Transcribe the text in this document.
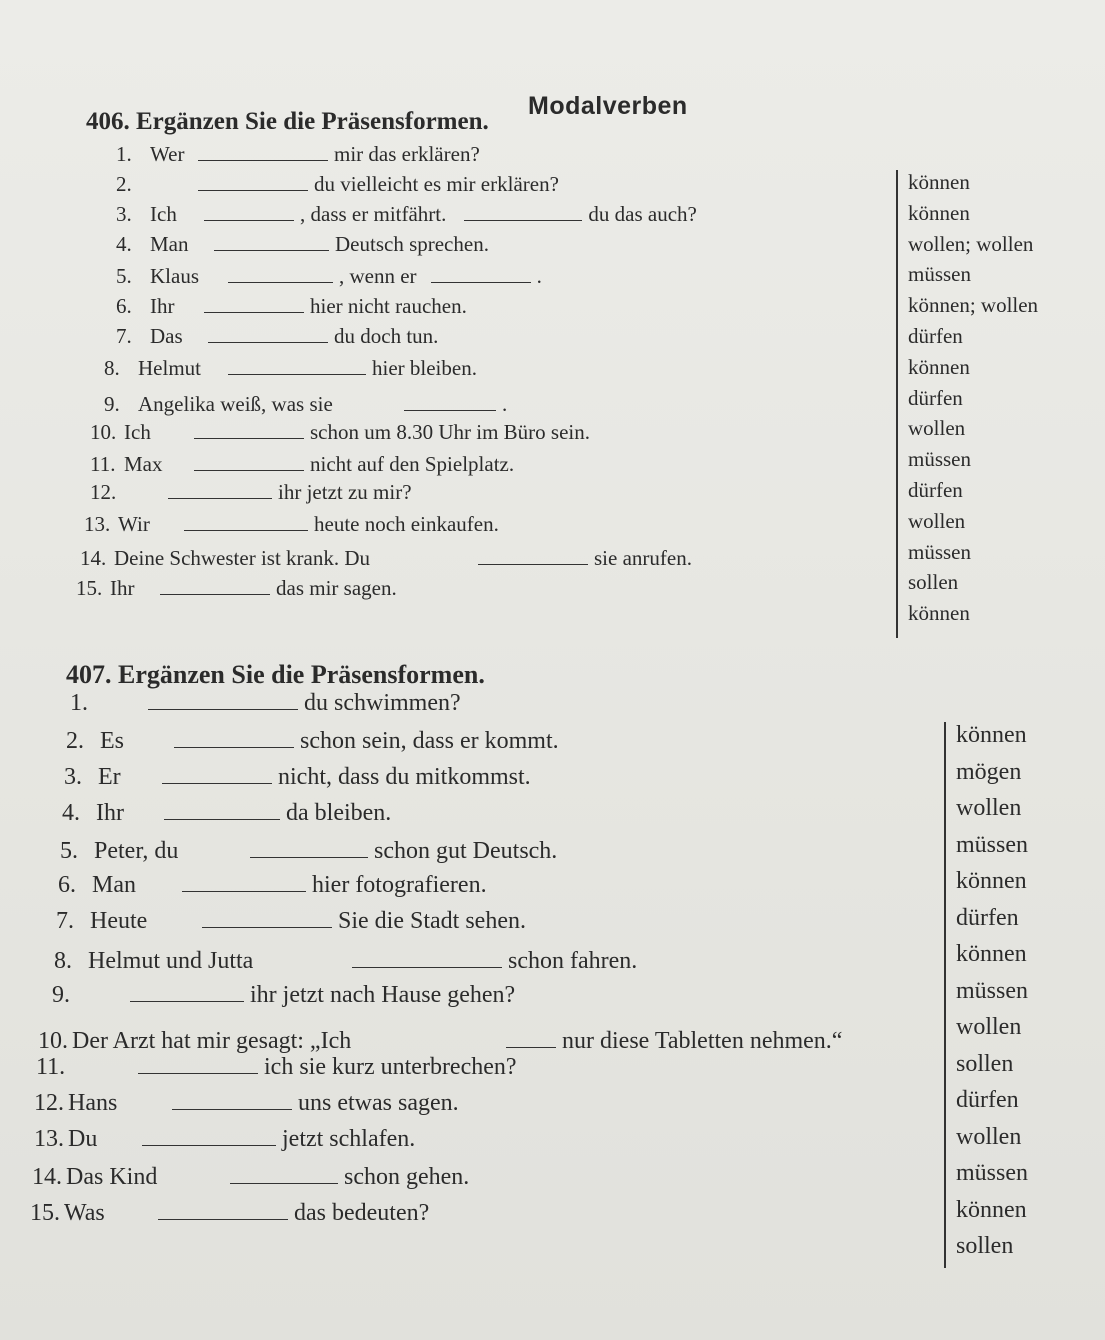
Modalverben
406. Ergänzen Sie die Präsensformen.
1. Wer	mir das erklären?
2.	du vielleicht es mir erklären?
3. Ich	, dass er mitfährt.	du das auch?
4. Man	Deutsch sprechen.
5. Klaus	, wenn er	.
6. Ihr	hier nicht rauchen.
7. Das	du doch tun.
8. Helmut	hier bleiben.
9. Angelika weiß, was sie	.
10. Ich	schon um 8.30 Uhr im Büro sein.
11. Max	nicht auf den Spielplatz.
12.	ihr jetzt zu mir?
13. Wir	heute noch einkaufen.
14. Deine Schwester ist krank. Du	sie anrufen.
15. Ihr	das mir sagen.
können
können
wollen; wollen
müssen
können; wollen
dürfen
können
dürfen
wollen
müssen
dürfen
wollen
müssen
sollen
können
407. Ergänzen Sie die Präsensformen.
1.	du schwimmen?
2. Es	schon sein, dass er kommt.
3. Er	nicht, dass du mitkommst.
4. Ihr	da bleiben.
5. Peter, du	schon gut Deutsch.
6. Man	hier fotografieren.
7. Heute	Sie die Stadt sehen.
8. Helmut und Jutta	schon fahren.
9.	ihr jetzt nach Hause gehen?
10. Der Arzt hat mir gesagt: „Ich	nur diese Tabletten nehmen.“
11.	ich sie kurz unterbrechen?
12. Hans	uns etwas sagen.
13. Du	jetzt schlafen.
14. Das Kind	schon gehen.
15. Was	das bedeuten?
können
mögen
wollen
müssen
können
dürfen
können
müssen
wollen
sollen
dürfen
wollen
müssen
können
sollen
